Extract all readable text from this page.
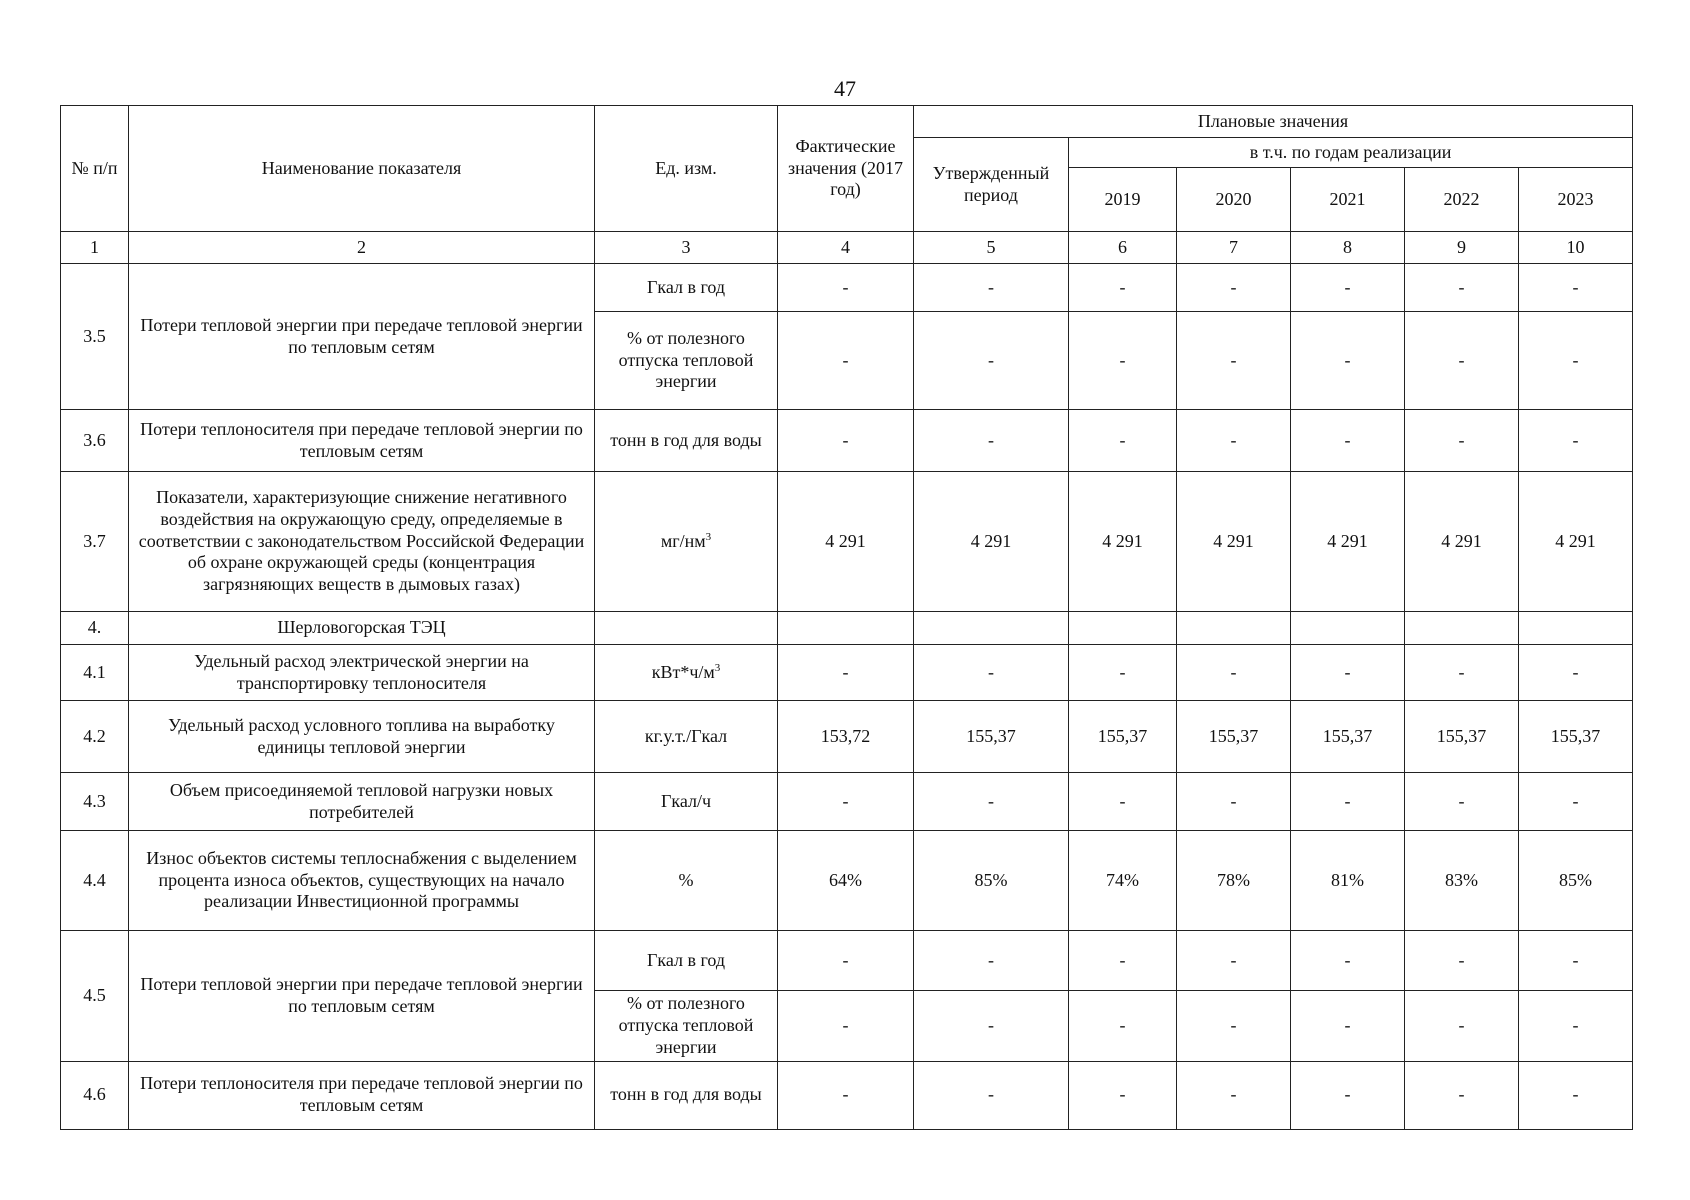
47
№ п/п	Наименование показателя	Ед. изм.	Фактические значения (2017 год)	Плановые значения					
				Утвержденный период	в т.ч. по годам реализации				
					2019	2020	2021	2022	2023
1	2	3	4	5	6	7	8	9	10
3.5	Потери тепловой энергии при передаче тепловой энергии по тепловым сетям	Гкал в год	-	-	-	-	-	-	-
		% от полезного отпуска тепловой энергии	-	-	-	-	-	-	-
3.6	Потери теплоносителя при передаче тепловой энергии по тепловым сетям	тонн в год для воды	-	-	-	-	-	-	-
3.7	Показатели, характеризующие снижение негативного воздействия на окружающую среду, определяемые в соответствии с законодательством Российской Федерации об охране окружающей среды (концентрация загрязняющих веществ в дымовых газах)	$мг/нм^3$	4 291	4 291	4 291	4 291	4 291	4 291	4 291
4.	Шерловогорская ТЭЦ								
4.1	Удельный расход электрической энергии на транспортировку теплоносителя	$кВт*ч/м^3$	-	-	-	-	-	-	-
4.2	Удельный расход условного топлива на выработку единицы тепловой энергии	кг.у.т./Гкал	153,72	155,37	155,37	155,37	155,37	155,37	155,37
4.3	Объем присоединяемой тепловой нагрузки новых потребителей	Гкал/ч	-	-	-	-	-	-	-
4.4	Износ объектов системы теплоснабжения с выделением процента износа объектов, существующих на начало реализации Инвестиционной программы	%	64%	85%	74%	78%	81%	83%	85%
4.5	Потери тепловой энергии при передаче тепловой энергии по тепловым сетям	Гкал в год	-	-	-	-	-	-	-
		% от полезного отпуска тепловой энергии	-	-	-	-	-	-	-
4.6	Потери теплоносителя при передаче тепловой энергии по тепловым сетям	тонн в год для воды	-	-	-	-	-	-	-
